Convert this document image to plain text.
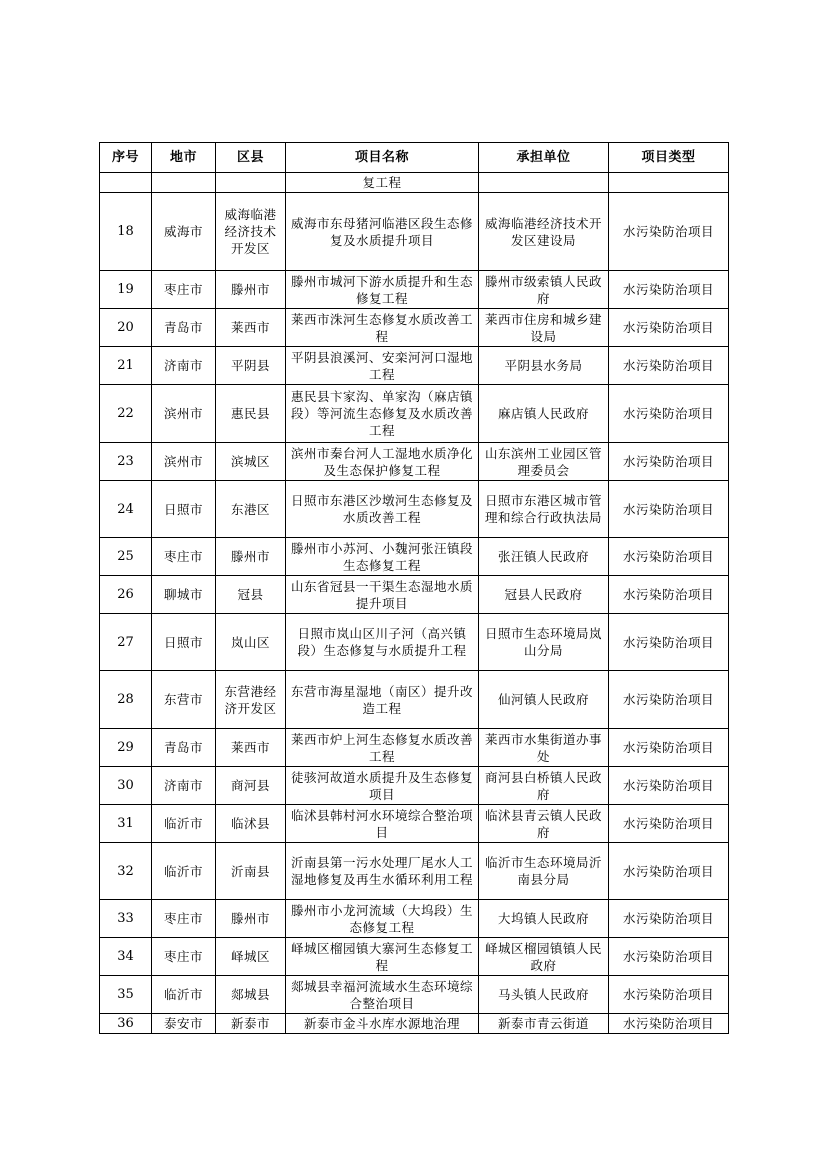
序号	地市	区县	项目名称	承担单位	项目类型
			复工程		
18	威海市	威海临港经济技术开发区	威海市东母猪河临港区段生态修复及水质提升项目	威海临港经济技术开发区建设局	水污染防治项目
19	枣庄市	滕州市	滕州市城河下游水质提升和生态修复工程	滕州市级索镇人民政府	水污染防治项目
20	青岛市	莱西市	莱西市洙河生态修复水质改善工程	莱西市住房和城乡建设局	水污染防治项目
21	济南市	平阴县	平阴县浪溪河、安栾河河口湿地工程	平阴县水务局	水污染防治项目
22	滨州市	惠民县	惠民县卞家沟、单家沟（麻店镇段）等河流生态修复及水质改善工程	麻店镇人民政府	水污染防治项目
23	滨州市	滨城区	滨州市秦台河人工湿地水质净化及生态保护修复工程	山东滨州工业园区管理委员会	水污染防治项目
24	日照市	东港区	日照市东港区沙墩河生态修复及水质改善工程	日照市东港区城市管理和综合行政执法局	水污染防治项目
25	枣庄市	滕州市	滕州市小苏河、小魏河张汪镇段生态修复工程	张汪镇人民政府	水污染防治项目
26	聊城市	冠县	山东省冠县一干渠生态湿地水质提升项目	冠县人民政府	水污染防治项目
27	日照市	岚山区	日照市岚山区川子河（高兴镇段）生态修复与水质提升工程	日照市生态环境局岚山分局	水污染防治项目
28	东营市	东营港经济开发区	东营市海星湿地（南区）提升改造工程	仙河镇人民政府	水污染防治项目
29	青岛市	莱西市	莱西市炉上河生态修复水质改善工程	莱西市水集街道办事处	水污染防治项目
30	济南市	商河县	徒骇河故道水质提升及生态修复项目	商河县白桥镇人民政府	水污染防治项目
31	临沂市	临沭县	临沭县韩村河水环境综合整治项目	临沭县青云镇人民政府	水污染防治项目
32	临沂市	沂南县	沂南县第一污水处理厂尾水人工湿地修复及再生水循环利用工程	临沂市生态环境局沂南县分局	水污染防治项目
33	枣庄市	滕州市	滕州市小龙河流域（大坞段）生态修复工程	大坞镇人民政府	水污染防治项目
34	枣庄市	峄城区	峄城区榴园镇大寨河生态修复工程	峄城区榴园镇镇人民政府	水污染防治项目
35	临沂市	郯城县	郯城县幸福河流域水生态环境综合整治项目	马头镇人民政府	水污染防治项目
36	泰安市	新泰市	新泰市金斗水库水源地治理	新泰市青云街道	水污染防治项目
